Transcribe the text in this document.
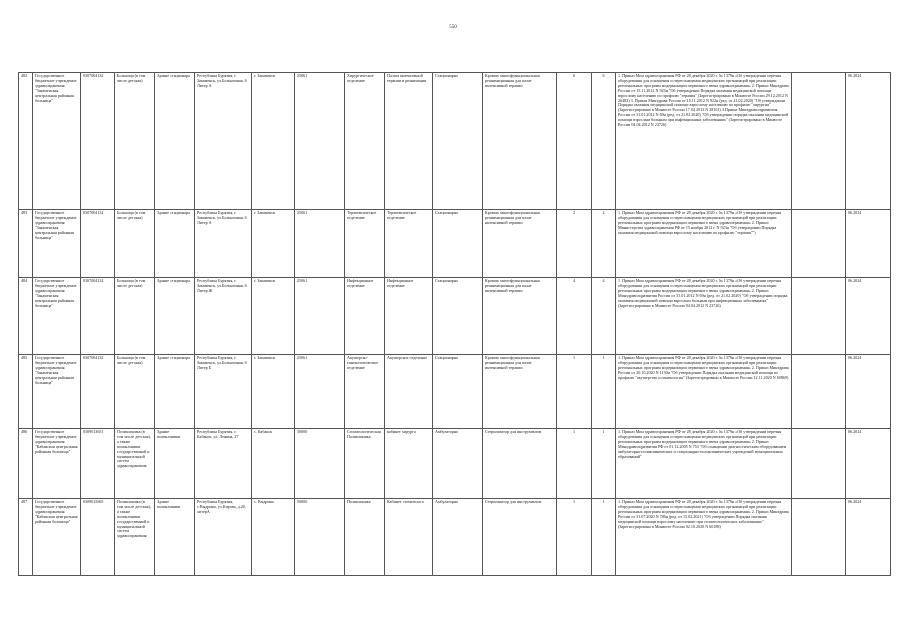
550
482	Государственное бюджетное учреждение здравоохранения "Закаменская центральная районная больница"	0307004132	Больница (в том числе детская)	Здание стационара	Республика Бурятия, г. Закаменск, ул.Больничная, 6 Литер А	г. Закаменск	25061	Хирургическое отделение	Палата интенсивной терапии и реанимации	Стационарно	Кровать многофункциональная реанимационная для палат интенсивной терапии	6	6	1. Приказ Мин здравоохранения РФ от 28 декабря 2020 г. № 1379н «Об утверждении перечня оборудования для оснащения и переоснащения медицинских организаций при реализации региональных программ модернизации первичного звена здравоохранения» 2. Приказ Минздрава России от 15.11.2012 N 923н "Об утверждении Порядка оказания медицинской помощи взрослому населению по профилю "терапия" (Зарегистрировано в Минюсте России 29.12.2012 N 26482) 3. Приказ Минздрава России от 15.11.2012 N 922н (ред. от 21.02.2020) "Об утверждении Порядка оказания медицинской помощи взрослому населению по профилю "хирургия" (Зарегистрировано в Минюсте России 17.04.2013 N 28161) 4.Приказ Минздравсоцразвития России от 31.01.2012 N 69н (ред. от 21.02.2020) "Об утверждении порядка оказания медицинской помощи взрослым больным при инфекционных заболеваниях" (Зарегистрировано в Минюсте России 04.04.2012 N 23726)		06.2024
483	Государственное бюджетное учреждение здравоохранения "Закаменская центральная районная больница"	0307004132	Больница (в том числе детская)	Здание стационара	Республика Бурятия, г. Закаменск, ул.Больничная, 6 Литер А	г. Закаменск	25061	Терапевтическое отделение	Терапевтическое отделение	Стационарно	Кровать многофункциональная реанимационная для палат интенсивной терапии	2	2	1. Приказ Мин здравоохранения РФ от 28 декабря 2020 г. № 1379н «Об утверждении перечня оборудования для оснащения и переоснащения медицинских организаций при реализации региональных программ модернизации первичного звена здравоохранения» 2. Приказ Министерства здравоохранения РФ от 15 ноября 2012 г. N 923н "Об утверждении Порядка оказания медицинской помощи взрослому населению по профилю "терапия"")		06.2024
484	Государственное бюджетное учреждение здравоохранения "Закаменская центральная районная больница"	0307004132	Больница (в том числе детская)	Здание стационара	Республика Бурятия, г. Закаменск, ул.Больничная, 6 Литер Ж	г. Закаменск	25061	Инфекционное отделение	Инфекционное отделение	Стационарно	Кровать многофункциональная реанимационная для палат интенсивной терапии	4	4	1. Приказ Мин здравоохранения РФ от 28 декабря 2020 г. № 1379н «Об утверждении перечня оборудования для оснащения и переоснащения медицинских организаций при реализации региональных программ модернизации первичного звена здравоохранения» 2. Приказ Минздравсоцразвития России от 31.01.2012 N 69н (ред. от 21.02.2020) "Об утверждении порядка оказания медицинской помощи взрослым больным при инфекционных заболеваниях" (Зарегистрировано в Минюсте России 04.04.2012 N 23726)		06.2024
485	Государственное бюджетное учреждение здравоохранения "Закаменская центральная районная больница"	0307004132	Больница (в том числе детская)	Здание стационара	Республика Бурятия, г. Закаменск, ул.Больничная, 6 Литер Б	г. Закаменск	25061	Акушерско-гинекологическое отделение	Акушерское отделение	Стационарно	Кровать многофункциональная реанимационная для палат интенсивной терапии	1	1	1. Приказ Мин здравоохранения РФ от 28 декабря 2020 г. № 1379н «Об утверждении перечня оборудования для оснащения и переоснащения медицинских организаций при реализации региональных программ модернизации первичного звена здравоохранения» 2. Приказ Минздрава России от 20.10.2020 N 1130н "Об утверждении Порядка оказания медицинской помощи по профилю "акушерство и гинекология" (Зарегистрировано в Минюсте России 12.11.2020 N 60869)		06.2024
486	Государственное бюджетное учреждение здравоохранения "Кабанская центральная районная больница"	0309013651	Поликлиника (в том числе детская), а также поликлиники государственной и муниципальной систем здравоохранения	Здание поликлиники	Республика Бурятия, г. Кабанск, ул. Ленина, 27	с. Кабанск	50000	Стоматологическая Поликлиника	кабинет хирурга	Амбулаторно	Стерилизатор для инструментов	1	1	1. Приказ Мин здравоохранения РФ от 28 декабря 2020 г. № 1379н «Об утверждении перечня оборудования для оснащения и переоснащения медицинских организаций при реализации региональных программ модернизации первичного звена здравоохранения» 2. Приказ Минздравсоцразвития РФ от 01.12.2005 N 753 "Об оснащении диагностическим оборудованием амбулаторно-поликлинических и стационарно-поликлинических учреждений муниципальных образований"		06.2024
487	Государственное бюджетное учреждение здравоохранения "Кабанская центральная районная больница"	0309015665	Поликлиника (в том числе детская), а также поликлиники государственной и муниципальной систем здравоохранения	Здание поликлиники	Республика Бурятия, с.Выдрино, ул.Кирова, д.20, литерА	с. Выдрино	50000	Поликлиника	Кабинет стоматолога	Амбулаторно	Стерилизатор для инструментов	1	1	1. Приказ Мин здравоохранения РФ от 28 декабря 2020 г. № 1379н «Об утверждении перечня оборудования для оснащения и переоснащения медицинских организаций при реализации региональных программ модернизации первичного звена здравоохранения» 2. Приказ Минздрава России от 31.07.2020 N 786н (ред. от 15.02.2021) "Об утверждении Порядка оказания медицинской помощи взрослому населению при стоматологических заболеваниях" (Зарегистрировано в Минюсте России 02.10.2020 N 60188)		06.2024
